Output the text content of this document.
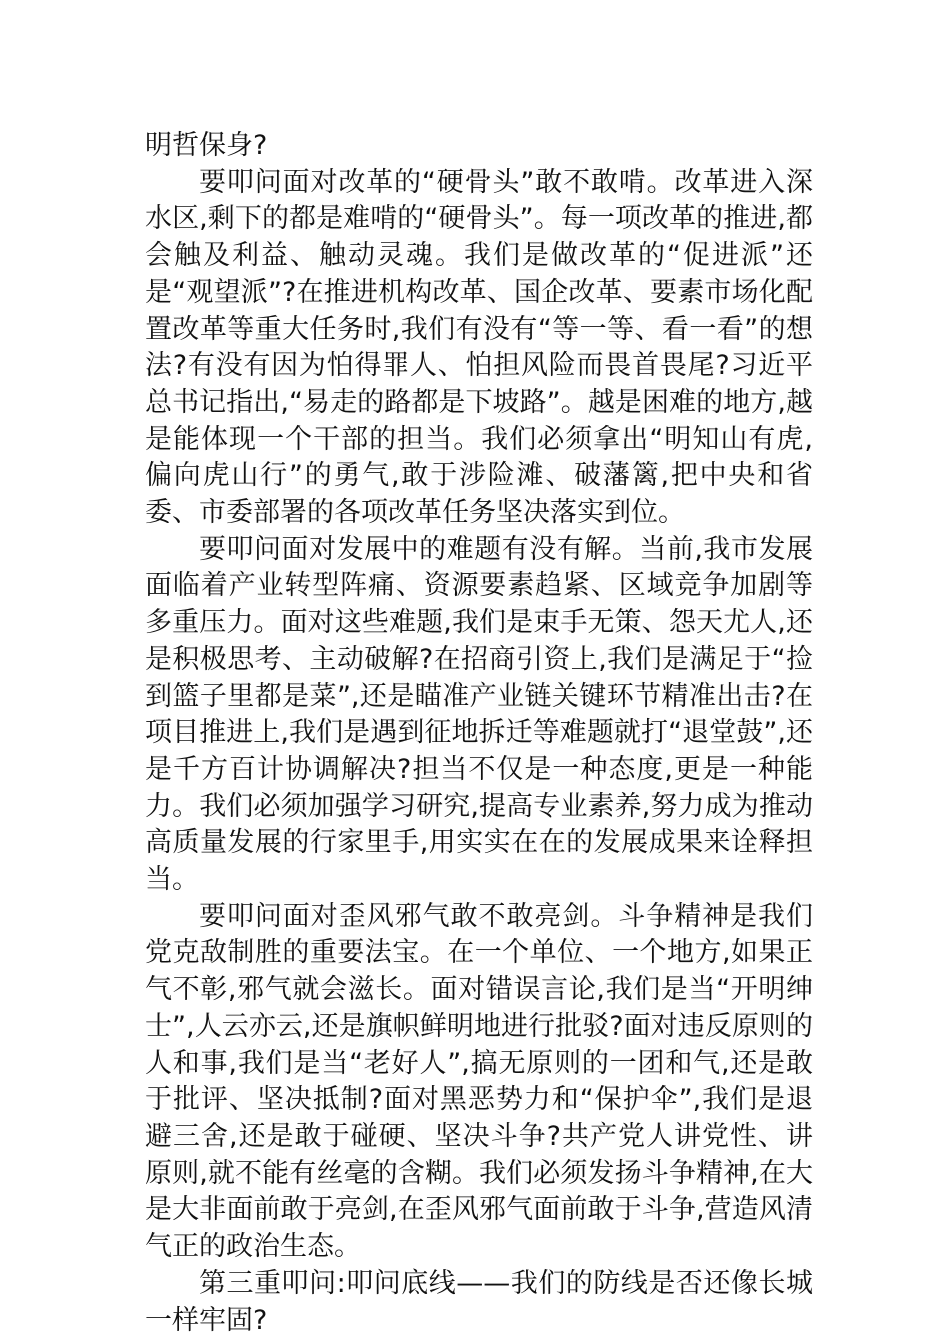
明哲保身?

要叩问面对改革的“硬骨头”敢不敢啃。改革进入深水区,剩下的都是难啃的“硬骨头”。每一项改革的推进,都会触及利益、触动灵魂。我们是做改革的“促进派”还是“观望派”?在推进机构改革、国企改革、要素市场化配置改革等重大任务时,我们有没有“等一等、看一看”的想法?有没有因为怕得罪人、怕担风险而畏首畏尾?习近平总书记指出,“易走的路都是下坡路”。越是困难的地方,越是能体现一个干部的担当。我们必须拿出“明知山有虎,偏向虎山行”的勇气,敢于涉险滩、破藩篱,把中央和省委、市委部署的各项改革任务坚决落实到位。

要叩问面对发展中的难题有没有解。当前,我市发展面临着产业转型阵痛、资源要素趋紧、区域竞争加剧等多重压力。面对这些难题,我们是束手无策、怨天尤人,还是积极思考、主动破解?在招商引资上,我们是满足于“捡到篮子里都是菜”,还是瞄准产业链关键环节精准出击?在项目推进上,我们是遇到征地拆迁等难题就打“退堂鼓”,还是千方百计协调解决?担当不仅是一种态度,更是一种能力。我们必须加强学习研究,提高专业素养,努力成为推动高质量发展的行家里手,用实实在在的发展成果来诠释担当。

要叩问面对歪风邪气敢不敢亮剑。斗争精神是我们党克敌制胜的重要法宝。在一个单位、一个地方,如果正气不彰,邪气就会滋长。面对错误言论,我们是当“开明绅士”,人云亦云,还是旗帜鲜明地进行批驳?面对违反原则的人和事,我们是当“老好人”,搞无原则的一团和气,还是敢于批评、坚决抵制?面对黑恶势力和“保护伞”,我们是退避三舍,还是敢于碰硬、坚决斗争?共产党人讲党性、讲原则,就不能有丝毫的含糊。我们必须发扬斗争精神,在大是大非面前敢于亮剑,在歪风邪气面前敢于斗争,营造风清气正的政治生态。

第三重叩问:叩问底线——我们的防线是否还像长城一样牢固?
